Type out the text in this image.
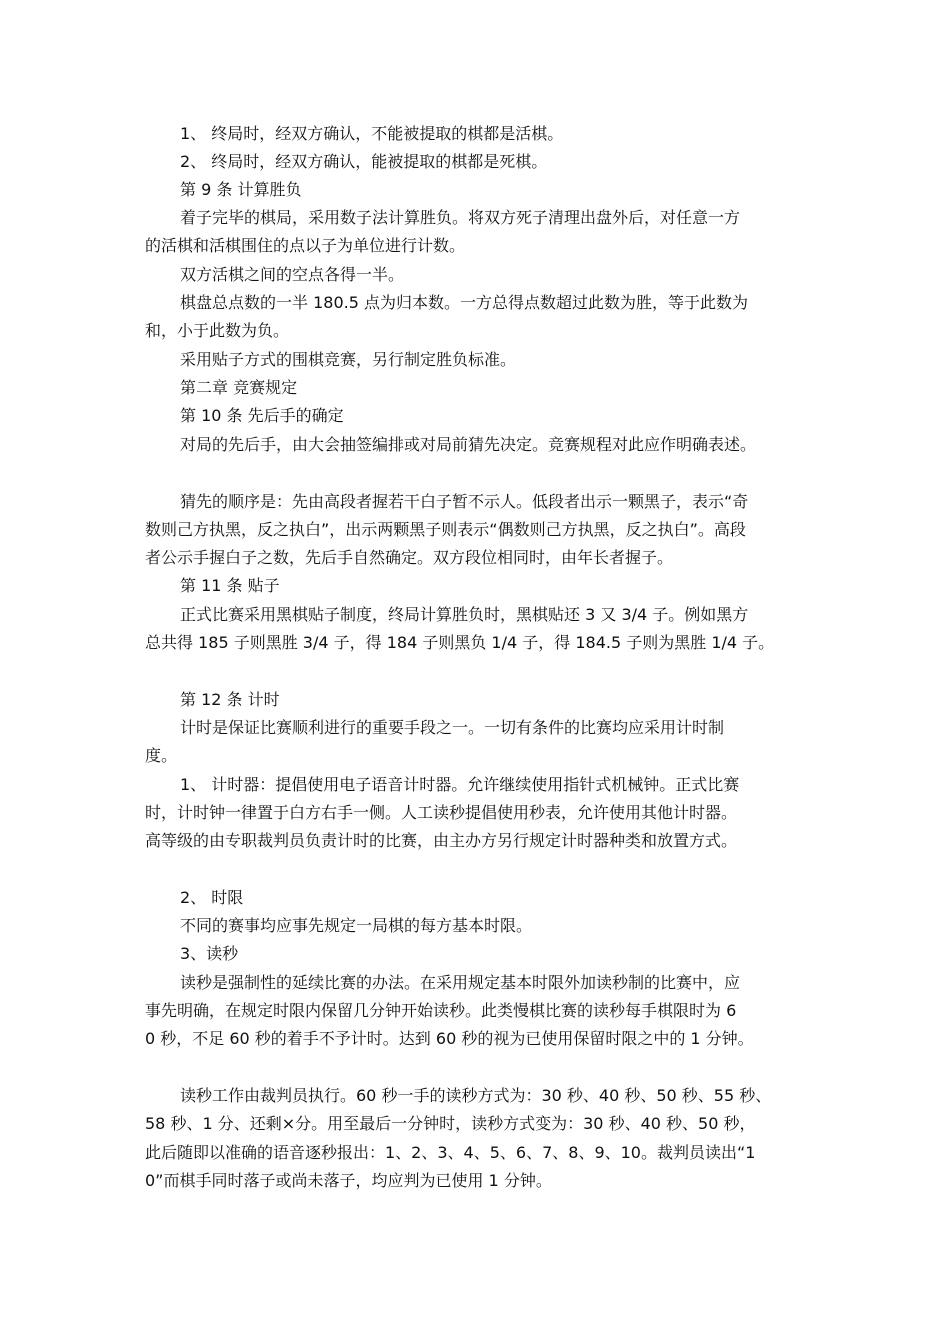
1、 终局时，经双方确认，不能被提取的棋都是活棋。
2、 终局时，经双方确认，能被提取的棋都是死棋。
第 9 条 计算胜负
着子完毕的棋局，采用数子法计算胜负。将双方死子清理出盘外后，对任意一方
的活棋和活棋围住的点以子为单位进行计数。
双方活棋之间的空点各得一半。
棋盘总点数的一半 180.5 点为归本数。一方总得点数超过此数为胜，等于此数为
和，小于此数为负。
采用贴子方式的围棋竞赛，另行制定胜负标准。
第二章 竞赛规定
第 10 条 先后手的确定
对局的先后手，由大会抽签编排或对局前猜先决定。竞赛规程对此应作明确表述。
猜先的顺序是：先由高段者握若干白子暂不示人。低段者出示一颗黑子，表示“奇
数则己方执黑，反之执白”，出示两颗黑子则表示“偶数则己方执黑，反之执白”。高段
者公示手握白子之数，先后手自然确定。双方段位相同时，由年长者握子。
第 11 条 贴子
正式比赛采用黑棋贴子制度，终局计算胜负时，黑棋贴还 3 又 3/4 子。例如黑方
总共得 185 子则黑胜 3/4 子，得 184 子则黑负 1/4 子，得 184.5 子则为黑胜 1/4 子。
第 12 条 计时
计时是保证比赛顺利进行的重要手段之一。一切有条件的比赛均应采用计时制
度。
1、 计时器：提倡使用电子语音计时器。允许继续使用指针式机械钟。正式比赛
时，计时钟一律置于白方右手一侧。人工读秒提倡使用秒表，允许使用其他计时器。
高等级的由专职裁判员负责计时的比赛，由主办方另行规定计时器种类和放置方式。
2、 时限
不同的赛事均应事先规定一局棋的每方基本时限。
3、读秒
读秒是强制性的延续比赛的办法。在采用规定基本时限外加读秒制的比赛中，应
事先明确，在规定时限内保留几分钟开始读秒。此类慢棋比赛的读秒每手棋限时为 6
0 秒，不足 60 秒的着手不予计时。达到 60 秒的视为已使用保留时限之中的 1 分钟。
读秒工作由裁判员执行。60 秒一手的读秒方式为：30 秒、40 秒、50 秒、55 秒、
58 秒、1 分、还剩×分。用至最后一分钟时，读秒方式变为：30 秒、40 秒、50 秒，
此后随即以准确的语音逐秒报出：1、2、3、4、5、6、7、8、9、10。裁判员读出“1
0”而棋手同时落子或尚未落子，均应判为已使用 1 分钟。
